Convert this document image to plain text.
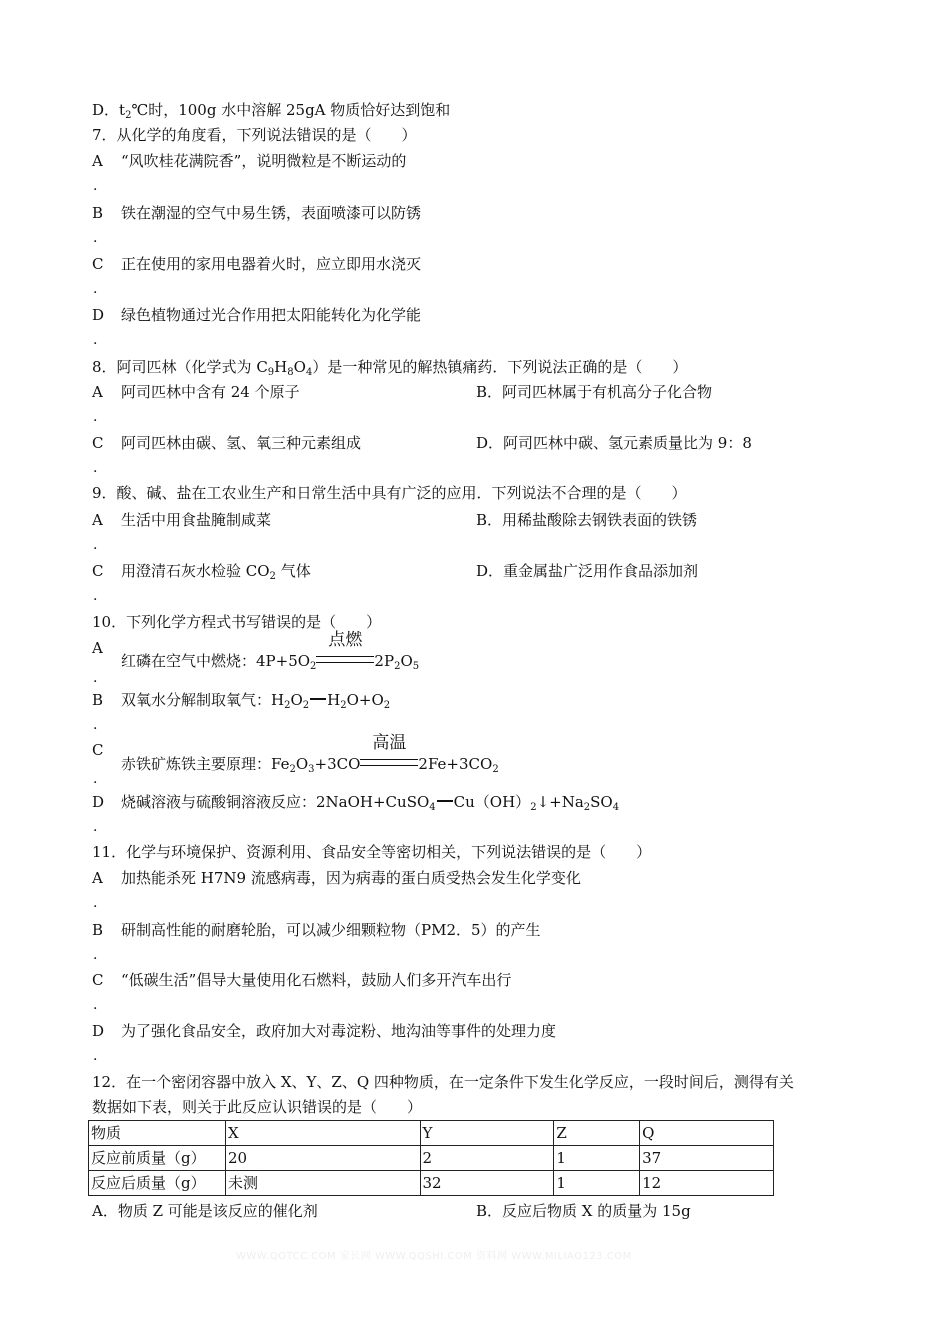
D．$t_2℃$时，100g 水中溶解 25gA 物质恰好达到饱和
7．从化学的角度看，下列说法错误的是（　　）
A “风吹桂花满院香”，说明微粒是不断运动的
.
B 铁在潮湿的空气中易生锈，表面喷漆可以防锈
.
C 正在使用的家用电器着火时，应立即用水浇灭
.
D 绿色植物通过光合作用把太阳能转化为化学能
.
8．阿司匹林（化学式为 $C_9H_8O_4$）是一种常见的解热镇痛药．下列说法正确的是（　　）
A 阿司匹林中含有 24 个原子	B．阿司匹林属于有机高分子化合物
.
C 阿司匹林由碳、氢、氧三种元素组成	D．阿司匹林中碳、氢元素质量比为 9：8
.
9．酸、碱、盐在工农业生产和日常生活中具有广泛的应用．下列说法不合理的是（　　）
A 生活中用食盐腌制咸菜	B．用稀盐酸除去钢铁表面的铁锈
.
C 用澄清石灰水检验 $CO_2$ 气体	D．重金属盐广泛用作食品添加剂
.
10．下列化学方程式书写错误的是（　　）
A
红磷在空气中燃烧：$4P+5O_2$
点燃
$2P_2O_5$
.
B 双氧水分解制取氧气：$H_2O_2$ $H_2O+O_2$
.
C
赤铁矿炼铁主要原理：$Fe_2O_3+3CO$
高温
$2Fe+3CO_2$
.
D 烧碱溶液与硫酸铜溶液反应：2NaOH+CuSO$_4$ $Cu(OH)_2↓+Na_2SO_4$
.
11．化学与环境保护、资源利用、食品安全等密切相关，下列说法错误的是（　　）
A 加热能杀死 H7N9 流感病毒，因为病毒的蛋白质受热会发生化学变化
.
B 研制高性能的耐磨轮胎，可以减少细颗粒物（PM2．5）的产生
.
C “低碳生活”倡导大量使用化石燃料，鼓励人们多开汽车出行
.
D 为了强化食品安全，政府加大对毒淀粉、地沟油等事件的处理力度
.
12．在一个密闭容器中放入 X、Y、Z、Q 四种物质，在一定条件下发生化学反应，一段时间后，测得有关
数据如下表，则关于此反应认识错误的是（　　）
物质	X	Y	Z	Q
反应前质量（g）	20	2	1	37
反应后质量（g）	未测	32	1	12
A．物质 Z 可能是该反应的催化剂	B．反应后物质 X 的质量为 15g
WWW.QOTCC.COM 家长网 WWW.QQSHI.COM 资料网 WWW.MILIAO123.COM
